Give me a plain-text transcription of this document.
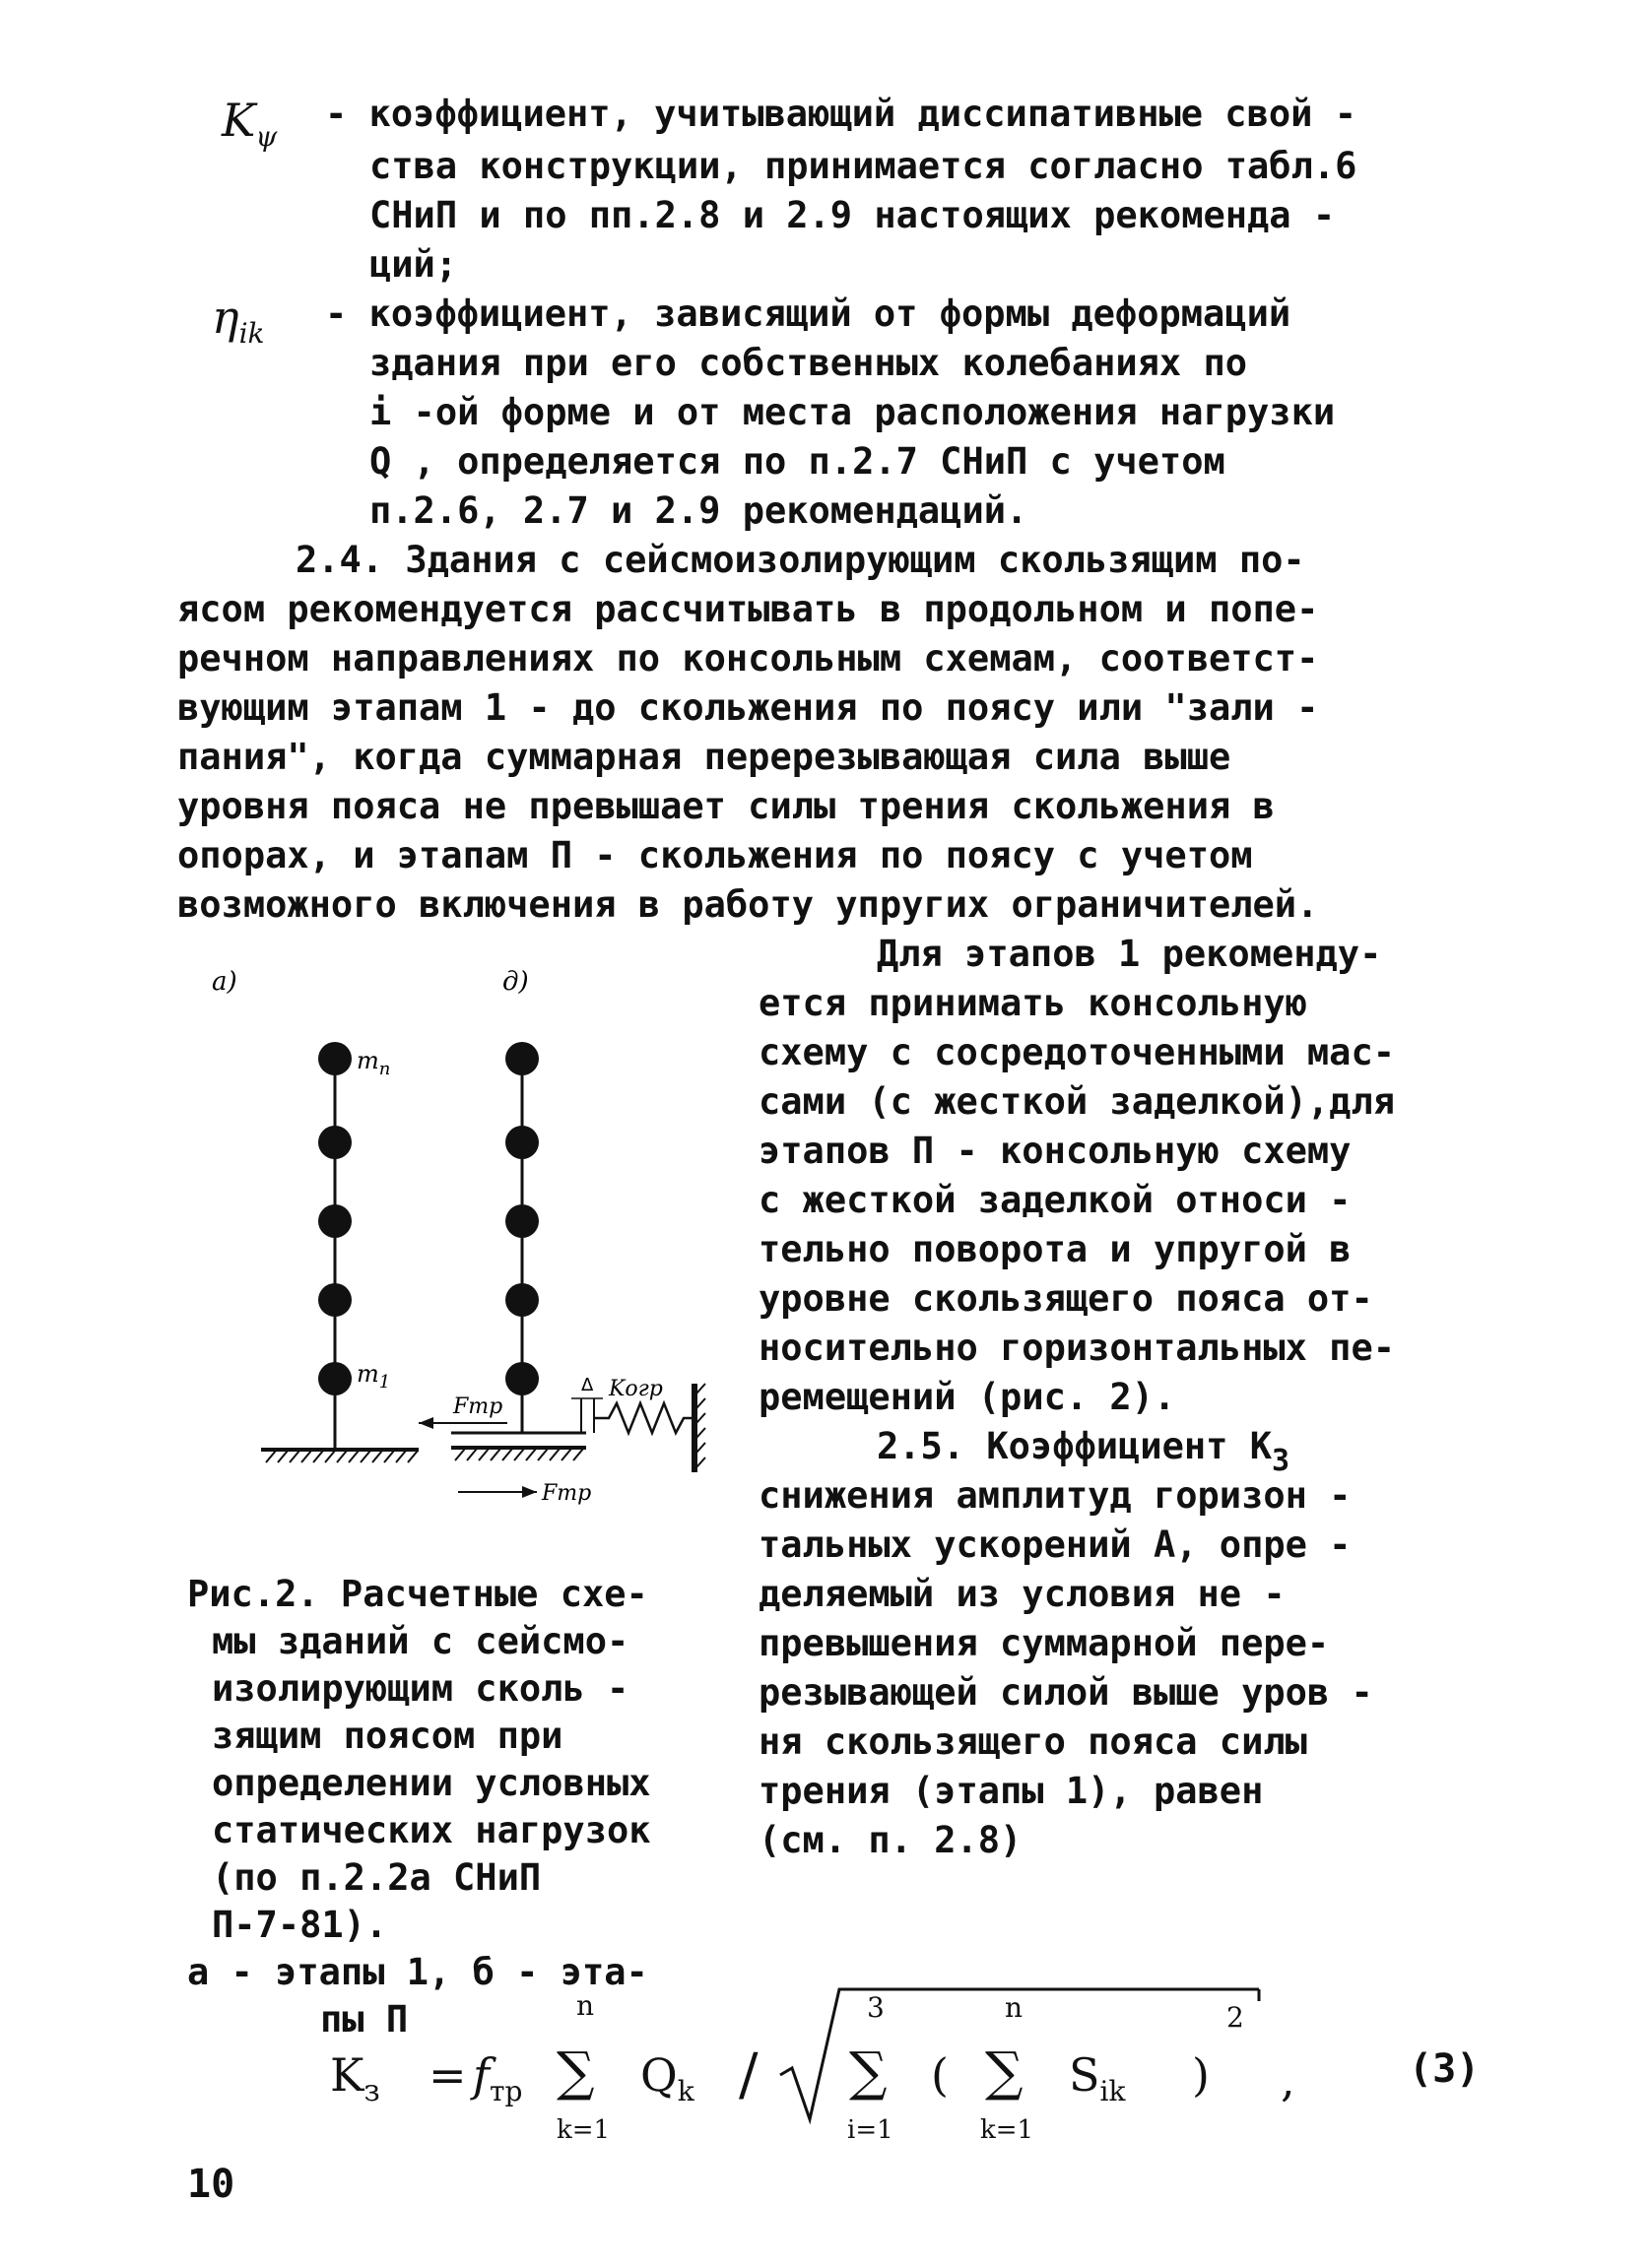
$K_\psi$
- коэффициент, учитывающий диссипативные свой -
ства конструкции, принимается согласно табл.6
СНиП и по пп.2.8 и 2.9 настоящих рекоменда -
ций;
$\eta_{ik}$ - коэффициент, зависящий от формы деформаций
здания при его собственных колебаниях по
i -ой форме и от места расположения нагрузки
Q , определяется по п.2.7 СНиП с учетом
п.2.6, 2.7 и 2.9 рекомендаций.
2.4. Здания с сейсмоизолирующим скользящим по-
ясом рекомендуется рассчитывать в продольном и попе-
речном направлениях по консольным схемам, соответст-
вующим этапам 1 - до скольжения по поясу или "зали -
пания", когда суммарная перерезывающая сила выше
уровня пояса не превышает силы трения скольжения в
опорах, и этапам П - скольжения по поясу с учетом
возможного включения в работу упругих ограничителей.
Для этапов 1 рекоменду-
ется принимать консольную
схему с сосредоточенными мас-
сами (с жесткой заделкой),для
этапов П - консольную схему
с жесткой заделкой относи -
тельно поворота и упругой в
уровне скользящего пояса от-
носительно горизонтальных пе-
ремещений (рис. 2).
2.5. Коэффициент $K_3$
снижения амплитуд горизон -
тальных ускорений A, опре -
деляемый из условия не -
превышения суммарной пере-
резывающей силой выше уров -
ня скользящего пояса силы
трения (этапы 1), равен
(см. п. 2.8)
a)	д)
$m_n$
$m_1$
Fтр
Fтр
Δ Kогр
Рис.2. Расчетные схе-
мы зданий с сейсмо-
изолирующим сколь -
зящим поясом при
определении условных
статических нагрузок
(по п.2.2а СНиП
П-7-81).
а - этапы 1, б - эта-
пы П
$K_з = f_{тр}$
n
∑
k=1
$Q_k$ /
3
∑
i=1
(
n
∑
k=1
$S_{ik}$ )
2
,	(3)
10
